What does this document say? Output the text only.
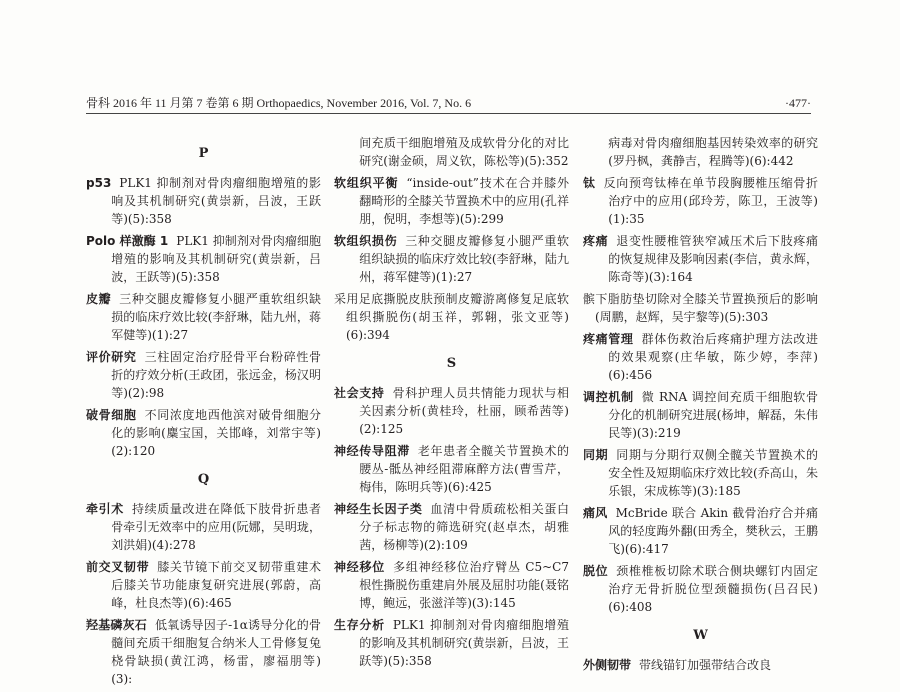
骨科 2016 年 11 月第 7 卷第 6 期 Orthopaedics, November 2016, Vol. 7, No. 6	·477·
P
p53 PLK1 抑制剂对骨肉瘤细胞增殖的影响及其机制研究(黄崇新，吕波，王跃等)(5):358
Polo 样激酶 1 PLK1 抑制剂对骨肉瘤细胞增殖的影响及其机制研究(黄崇新，吕波，王跃等)(5):358
皮瓣 三种交腿皮瓣修复小腿严重软组织缺损的临床疗效比较(李舒琳，陆九州，蒋军健等)(1):27
评价研究 三柱固定治疗胫骨平台粉碎性骨折的疗效分析(王政团，张远金，杨汉明等)(2):98
破骨细胞 不同浓度地西他滨对破骨细胞分化的影响(麋宝国，关邯峰，刘常宇等)(2):120
Q
牵引术 持续质量改进在降低下肢骨折患者骨牵引无效率中的应用(阮娜，吴明珑，刘洪娟)(4):278
前交叉韧带 膝关节镜下前交叉韧带重建术后膝关节功能康复研究进展(郭蔚，高峰，杜良杰等)(6):465
羟基磷灰石 低氧诱导因子-1α诱导分化的骨髓间充质干细胞复合纳米人工骨修复兔桡骨缺损(黄江鸿，杨雷，廖福朋等)(3):
间充质干细胞增殖及成软骨分化的对比研究(谢金硕，周义钦，陈松等)(5):352
软组织平衡 “inside-out”技术在合并膝外翻畸形的全膝关节置换术中的应用(孔祥朋，倪明，李想等)(5):299
软组织损伤 三种交腿皮瓣修复小腿严重软组织缺损的临床疗效比较(李舒琳，陆九州，蒋军健等)(1):27
采用足底撕脱皮肤预制皮瓣游离修复足底软组织撕脱伤(胡玉祥，郭翱，张文亚等)(6):394
S
社会支持 骨科护理人员共情能力现状与相关因素分析(黄桂玲，杜丽，顾希茜等)(2):125
神经传导阻滞 老年患者全髋关节置换术的腰丛-骶丛神经阻滞麻醉方法(曹雪芹，梅伟，陈明兵等)(6):425
神经生长因子类 血清中骨质疏松相关蛋白分子标志物的筛选研究(赵卓杰，胡雅茜，杨柳等)(2):109
神经移位 多组神经移位治疗臂丛 C5~C7 根性撕脱伤重建肩外展及屈肘功能(聂铭博，鲍远，张滋洋等)(3):145
生存分析 PLK1 抑制剂对骨肉瘤细胞增殖的影响及其机制研究(黄崇新，吕波，王跃等)(5):358
病毒对骨肉瘤细胞基因转染效率的研究(罗丹枫，龚静吉，程腾等)(6):442
钛 反向预弯钛棒在单节段胸腰椎压缩骨折治疗中的应用(邱玲芳，陈卫，王波等)(1):35
疼痛 退变性腰椎管狭窄减压术后下肢疼痛的恢复规律及影响因素(李信，黄永辉，陈奇等)(3):164
髌下脂肪垫切除对全膝关节置换预后的影响(周鹏，赵辉，吴宇黎等)(5):303
疼痛管理 群体伤救治后疼痛护理方法改进的效果观察(庄华敏，陈少婷，李萍)(6):456
调控机制 微 RNA 调控间充质干细胞软骨分化的机制研究进展(杨坤，解磊，朱伟民等)(3):219
同期 同期与分期行双侧全髋关节置换术的安全性及短期临床疗效比较(乔高山，朱乐银，宋成栋等)(3):185
痛风 McBride 联合 Akin 截骨治疗合并痛风的轻度踇外翻(田秀全，樊秋云，王鹏飞)(6):417
脱位 颈椎椎板切除术联合侧块螺钉内固定治疗无骨折脱位型颈髓损伤(吕召民)(6):408
W
外侧韧带 带线锚钉加强带结合改良
